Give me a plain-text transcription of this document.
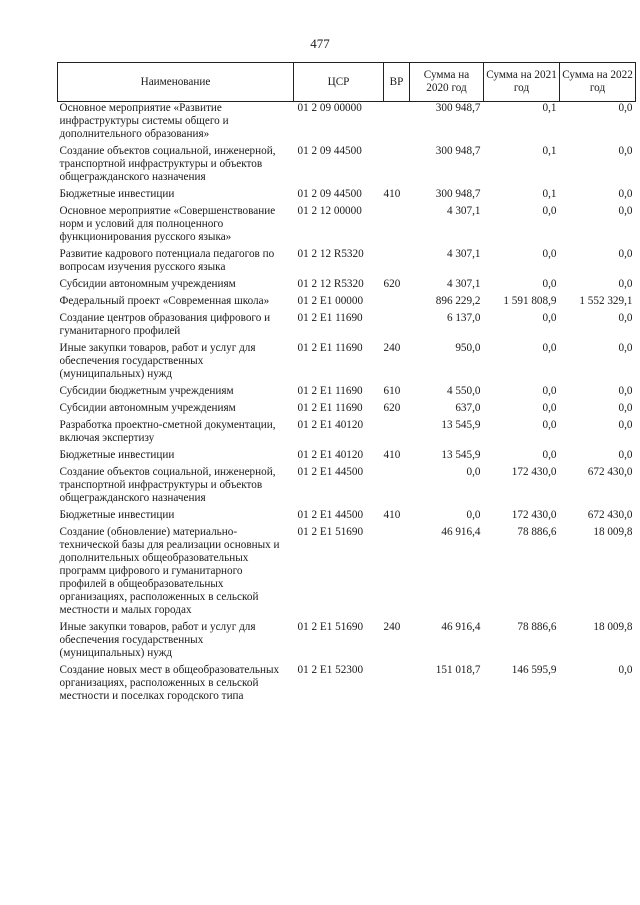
477
Наименование	ЦСР	ВР	Сумма на 2020 год	Сумма на 2021 год	Сумма на 2022 год
Основное мероприятие «Развитие инфраструктуры системы общего и дополнительного образования»	01 2 09 00000		300 948,7	0,1	0,0

Создание объектов социальной, инженерной, транспортной инфраструктуры и объектов общегражданского назначения	01 2 09 44500		300 948,7	0,1	0,0

Бюджетные инвестиции	01 2 09 44500	410	300 948,7	0,1	0,0

Основное мероприятие «Совершенствование норм и условий для полноценного функционирования русского языка»	01 2 12 00000		4 307,1	0,0	0,0

Развитие кадрового потенциала педагогов по вопросам изучения русского языка	01 2 12 R5320		4 307,1	0,0	0,0

Субсидии автономным учреждениям	01 2 12 R5320	620	4 307,1	0,0	0,0

Федеральный проект «Современная школа»	01 2 E1 00000		896 229,2	1 591 808,9	1 552 329,1

Создание центров образования цифрового и гуманитарного профилей	01 2 E1 11690		6 137,0	0,0	0,0

Иные закупки товаров, работ и услуг для обеспечения государственных (муниципальных) нужд	01 2 E1 11690	240	950,0	0,0	0,0

Субсидии бюджетным учреждениям	01 2 E1 11690	610	4 550,0	0,0	0,0

Субсидии автономным учреждениям	01 2 E1 11690	620	637,0	0,0	0,0

Разработка проектно-сметной документации, включая экспертизу	01 2 E1 40120		13 545,9	0,0	0,0

Бюджетные инвестиции	01 2 E1 40120	410	13 545,9	0,0	0,0

Создание объектов социальной, инженерной, транспортной инфраструктуры и объектов общегражданского назначения	01 2 E1 44500		0,0	172 430,0	672 430,0

Бюджетные инвестиции	01 2 E1 44500	410	0,0	172 430,0	672 430,0

Создание (обновление) материально-технической базы для реализации основных и дополнительных общеобразовательных программ цифрового и гуманитарного профилей в общеобразовательных организациях, расположенных в сельской местности и малых городах	01 2 E1 51690		46 916,4	78 886,6	18 009,8

Иные закупки товаров, работ и услуг для обеспечения государственных (муниципальных) нужд	01 2 E1 51690	240	46 916,4	78 886,6	18 009,8

Создание новых мест в общеобразовательных организациях, расположенных в сельской местности и поселках городского типа	01 2 E1 52300		151 018,7	146 595,9	0,0
